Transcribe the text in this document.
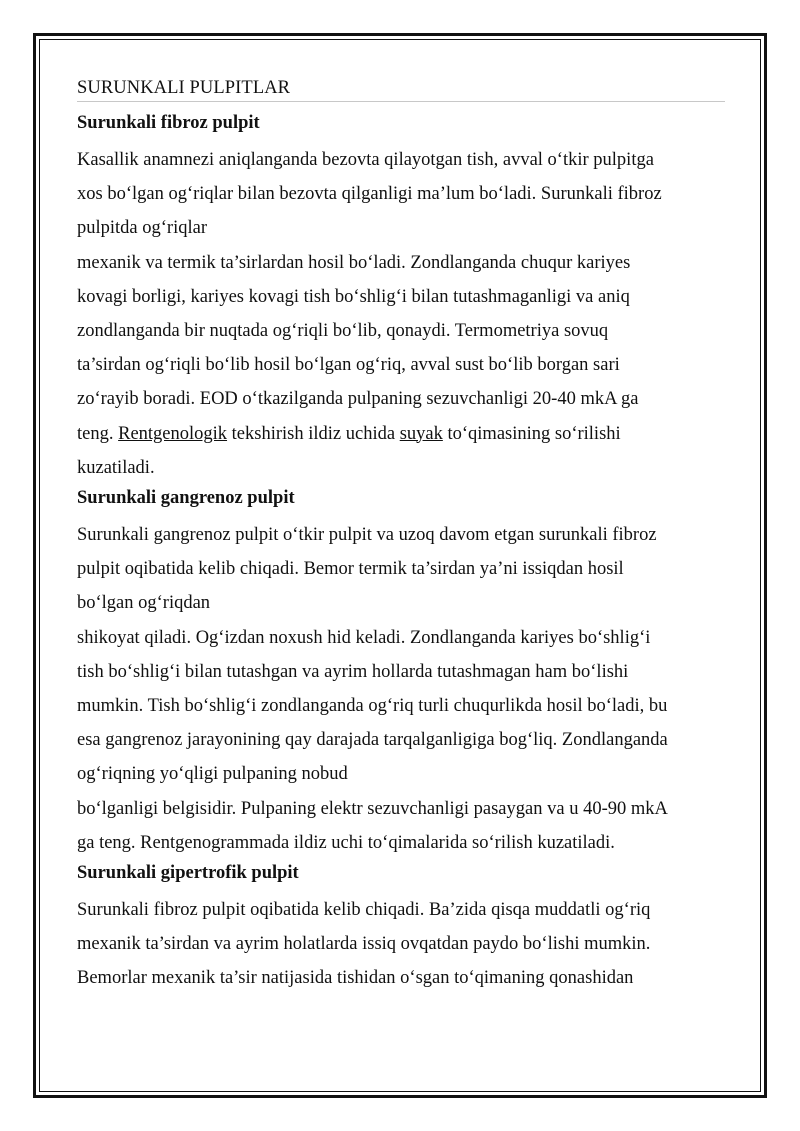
SURUNKALI PULPITLAR
Surunkali fibroz pulpit
Kasallik anamnezi aniqlanganda bezovta qilayotgan tish, avval o‘tkir pulpitga
xos bo‘lgan og‘riqlar bilan bezovta qilganligi ma’lum bo‘ladi. Surunkali fibroz
pulpitda og‘riqlar
mexanik va termik ta’sirlardan hosil bo‘ladi. Zondlanganda chuqur kariyes
kovagi borligi, kariyes kovagi tish bo‘shlig‘i bilan tutashmaganligi va aniq
zondlanganda bir nuqtada og‘riqli bo‘lib, qonaydi. Termometriya sovuq
ta’sirdan og‘riqli bo‘lib hosil bo‘lgan og‘riq, avval sust bo‘lib borgan sari
zo‘rayib boradi. EOD o‘tkazilganda pulpaning sezuvchanligi 20-40 mkA ga
teng. Rentgenologik tekshirish ildiz uchida suyak to‘qimasining so‘rilishi
kuzatiladi.
Surunkali gangrenoz pulpit
Surunkali gangrenoz pulpit o‘tkir pulpit va uzoq davom etgan surunkali fibroz
pulpit oqibatida kelib chiqadi. Bemor termik ta’sirdan ya’ni issiqdan hosil
bo‘lgan og‘riqdan
shikoyat qiladi. Og‘izdan noxush hid keladi. Zondlanganda kariyes bo‘shlig‘i
tish bo‘shlig‘i bilan tutashgan va ayrim hollarda tutashmagan ham bo‘lishi
mumkin. Tish bo‘shlig‘i zondlanganda og‘riq turli chuqurlikda hosil bo‘ladi, bu
esa gangrenoz jarayonining qay darajada tarqalganligiga bog‘liq. Zondlanganda
og‘riqning yo‘qligi pulpaning nobud
bo‘lganligi belgisidir. Pulpaning elektr sezuvchanligi pasaygan va u 40-90 mkA
ga teng. Rentgenogrammada ildiz uchi to‘qimalarida so‘rilish kuzatiladi.
Surunkali gipertrofik pulpit
Surunkali fibroz pulpit oqibatida kelib chiqadi. Ba’zida qisqa muddatli og‘riq
mexanik ta’sirdan va ayrim holatlarda issiq ovqatdan paydo bo‘lishi mumkin.
Bemorlar mexanik ta’sir natijasida tishidan o‘sgan to‘qimaning qonashidan
